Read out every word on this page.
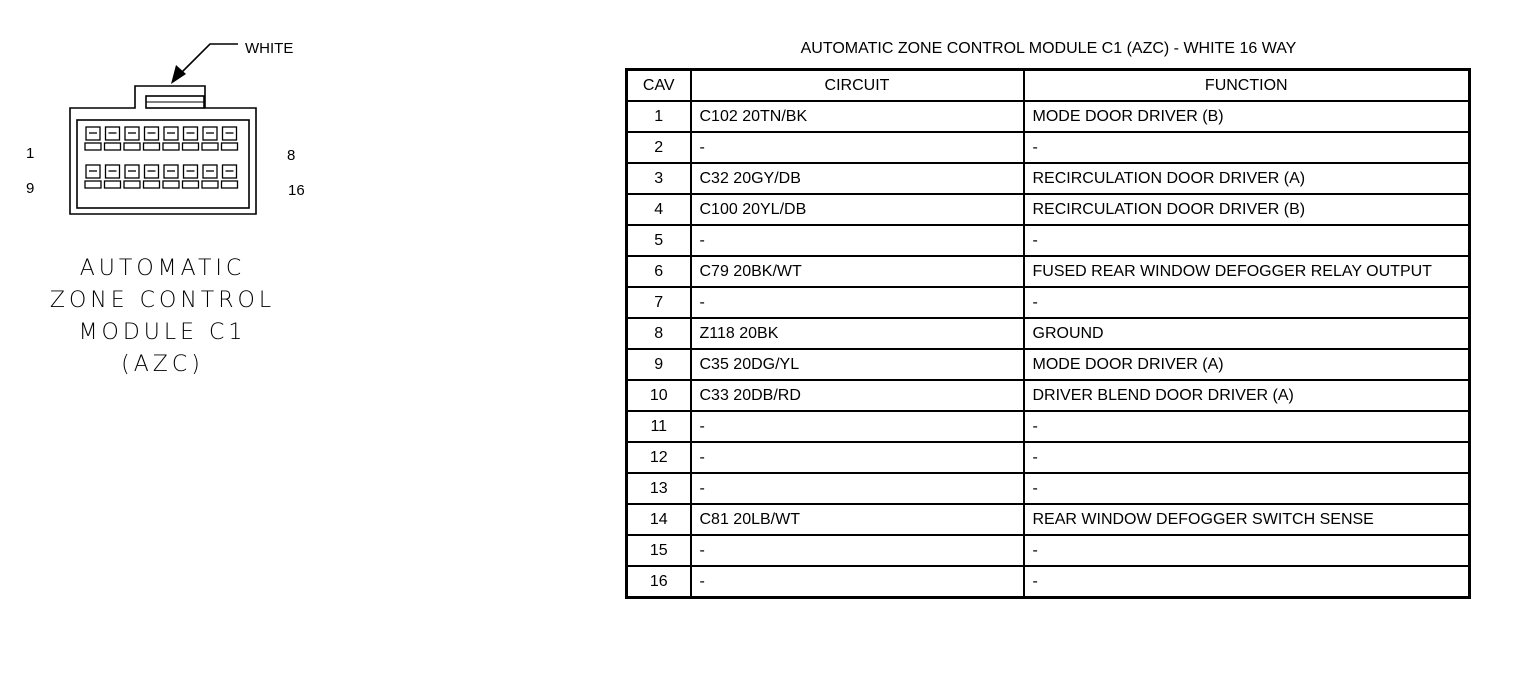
WHITE
1	8
9	16
AUTOMATIC
ZONE CONTROL
MODULE C1
(AZC)
AUTOMATIC ZONE CONTROL MODULE C1 (AZC) - WHITE 16 WAY
CAV	CIRCUIT	FUNCTION
1	C102 20TN/BK	MODE DOOR DRIVER (B)
2	-	-
3	C32 20GY/DB	RECIRCULATION DOOR DRIVER (A)
4	C100 20YL/DB	RECIRCULATION DOOR DRIVER (B)
5	-	-
6	C79 20BK/WT	FUSED REAR WINDOW DEFOGGER RELAY OUTPUT
7	-	-
8	Z118 20BK	GROUND
9	C35 20DG/YL	MODE DOOR DRIVER (A)
10	C33 20DB/RD	DRIVER BLEND DOOR DRIVER (A)
11	-	-
12	-	-
13	-	-
14	C81 20LB/WT	REAR WINDOW DEFOGGER SWITCH SENSE
15	-	-
16	-	-
